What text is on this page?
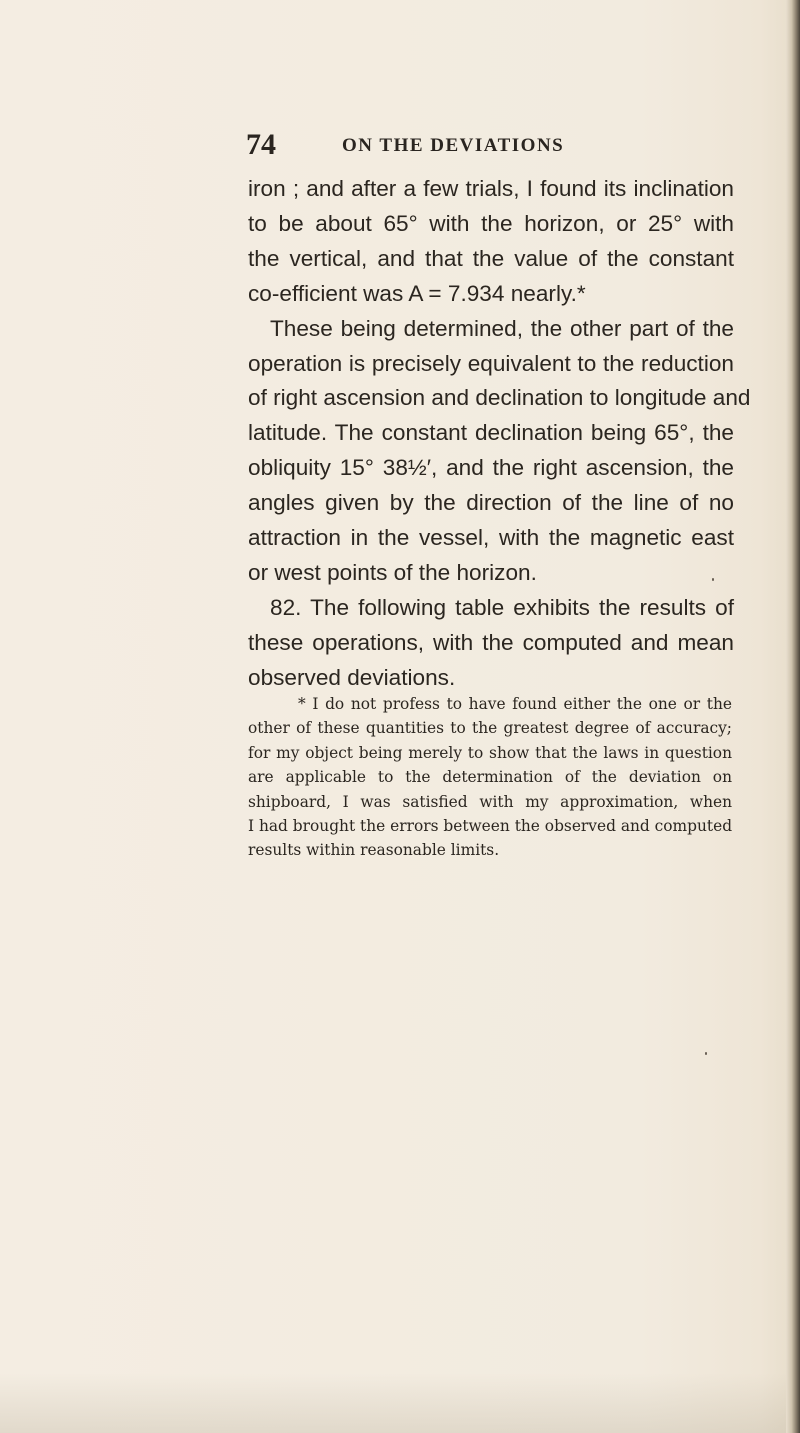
74	ON THE DEVIATIONS
iron ; and after a few trials, I found its inclination
to be about 65° with the horizon, or 25° with
the vertical, and that the value of the constant
co-efficient was A = 7.934 nearly.*
These being determined, the other part of the
operation is precisely equivalent to the reduction
of right ascension and declination to longitude and
latitude. The constant declination being 65°, the
obliquity 15° 38½′, and the right ascension, the
angles given by the direction of the line of no
attraction in the vessel, with the magnetic east
or west points of the horizon.
82. The following table exhibits the results of
these operations, with the computed and mean
observed deviations.
* I do not profess to have found either the one or the
other of these quantities to the greatest degree of accuracy;
for my object being merely to show that the laws in question
are applicable to the determination of the deviation on
shipboard, I was satisfied with my approximation, when
I had brought the errors between the observed and computed
results within reasonable limits.
